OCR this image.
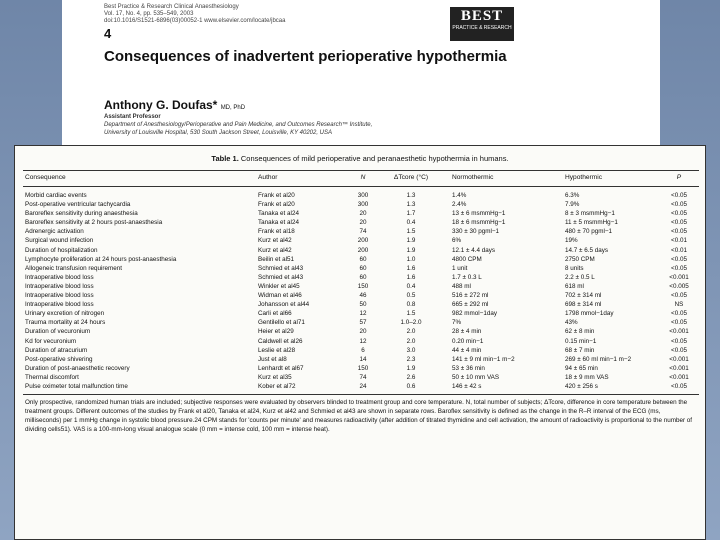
Best Practice & Research Clinical Anaesthesiology
Vol. 17, No. 4, pp. 535–549, 2003
doi:10.1016/S1521-6896(03)00052-1 www.elsevier.com/locate/jbcaa	BEST
PRACTICE & RESEARCH
4
Consequences of inadvertent perioperative hypothermia
Anthony G. Doufas* MD, PhD
Assistant Professor
Department of Anesthesiology/Perioperative and Pain Medicine, and Outcomes Research™ Institute,
University of Louisville Hospital, 530 South Jackson Street, Louisville, KY 40202, USA
Table 1. Consequences of mild perioperative and peranaesthetic hypothermia in humans.
Consequence	Author	N	ΔTcore (°C)	Normothermic	Hypothermic	P
Morbid cardiac events	Frank et al20	300	1.3	1.4%	6.3%	<0.05
Post-operative ventricular tachycardia	Frank et al20	300	1.3	2.4%	7.9%	<0.05
Baroreflex sensitivity during anaesthesia	Tanaka et al24	20	1.7	13 ± 6 msmmHg−1	8 ± 3 msmmHg−1	<0.05
Baroreflex sensitivity at 2 hours post-anaesthesia	Tanaka et al24	20	0.4	18 ± 6 msmmHg−1	11 ± 5 msmmHg−1	<0.05
Adrenergic activation	Frank et al18	74	1.5	330 ± 30 pgml−1	480 ± 70 pgml−1	<0.05
Surgical wound infection	Kurz et al42	200	1.9	6%	19%	<0.01
Duration of hospitalization	Kurz et al42	200	1.9	12.1 ± 4.4 days	14.7 ± 6.5 days	<0.01
Lymphocyte proliferation at 24 hours post-anaesthesia	Beilin et al51	60	1.0	4800 CPM	2750 CPM	<0.05
Allogeneic transfusion requirement	Schmied et al43	60	1.6	1 unit	8 units	<0.05
Intraoperative blood loss	Schmied et al43	60	1.6	1.7 ± 0.3 L	2.2 ± 0.5 L	<0.001
Intraoperative blood loss	Winkler et al45	150	0.4	488 ml	618 ml	<0.005
Intraoperative blood loss	Widman et al46	46	0.5	516 ± 272 ml	702 ± 314 ml	<0.05
Intraoperative blood loss	Johansson et al44	50	0.8	665 ± 292 ml	698 ± 314 ml	NS
Urinary excretion of nitrogen	Carli et al66	12	1.5	982 mmol−1day	1798 mmol−1day	<0.05
Trauma mortality at 24 hours	Gentilello et al71	57	1.0–2.0	7%	43%	<0.05
Duration of vecuronium	Heier et al29	20	2.0	28 ± 4 min	62 ± 8 min	<0.001
Kd for vecuronium	Caldwell et al26	12	2.0	0.20 min−1	0.15 min−1	<0.05
Duration of atracurium	Leslie et al28	6	3.0	44 ± 4 min	68 ± 7 min	<0.05
Post-operative shivering	Just et al8	14	2.3	141 ± 9 ml min−1 m−2	269 ± 60 ml min−1 m−2	<0.001
Duration of post-anaesthetic recovery	Lenhardt et al67	150	1.9	53 ± 36 min	94 ± 65 min	<0.001
Thermal discomfort	Kurz et al35	74	2.6	50 ± 10 mm VAS	18 ± 9 mm VAS	<0.001
Pulse oximeter total malfunction time	Kober et al72	24	0.6	146 ± 42 s	420 ± 256 s	<0.05
Only prospective, randomized human trials are included; subjective responses were evaluated by observers blinded to treatment group and core temperature. N, total number of subjects; ΔTcore, difference in core temperature between the treatment groups. Different outcomes of the studies by Frank et al20, Tanaka et al24, Kurz et al42 and Schmied et al43 are shown in separate rows. Baroflex sensitivity is defined as the change in the R–R interval of the ECG (ms, milliseconds) per 1 mmHg change in systolic blood pressure.24 CPM stands for 'counts per minute' and measures radioactivity (after addition of titrated thymidine and cell activation, the amount of radioactivity is proportional to the number of dividing cells51). VAS is a 100-mm-long visual analogue scale (0 mm = intense cold, 100 mm = intense heat).
